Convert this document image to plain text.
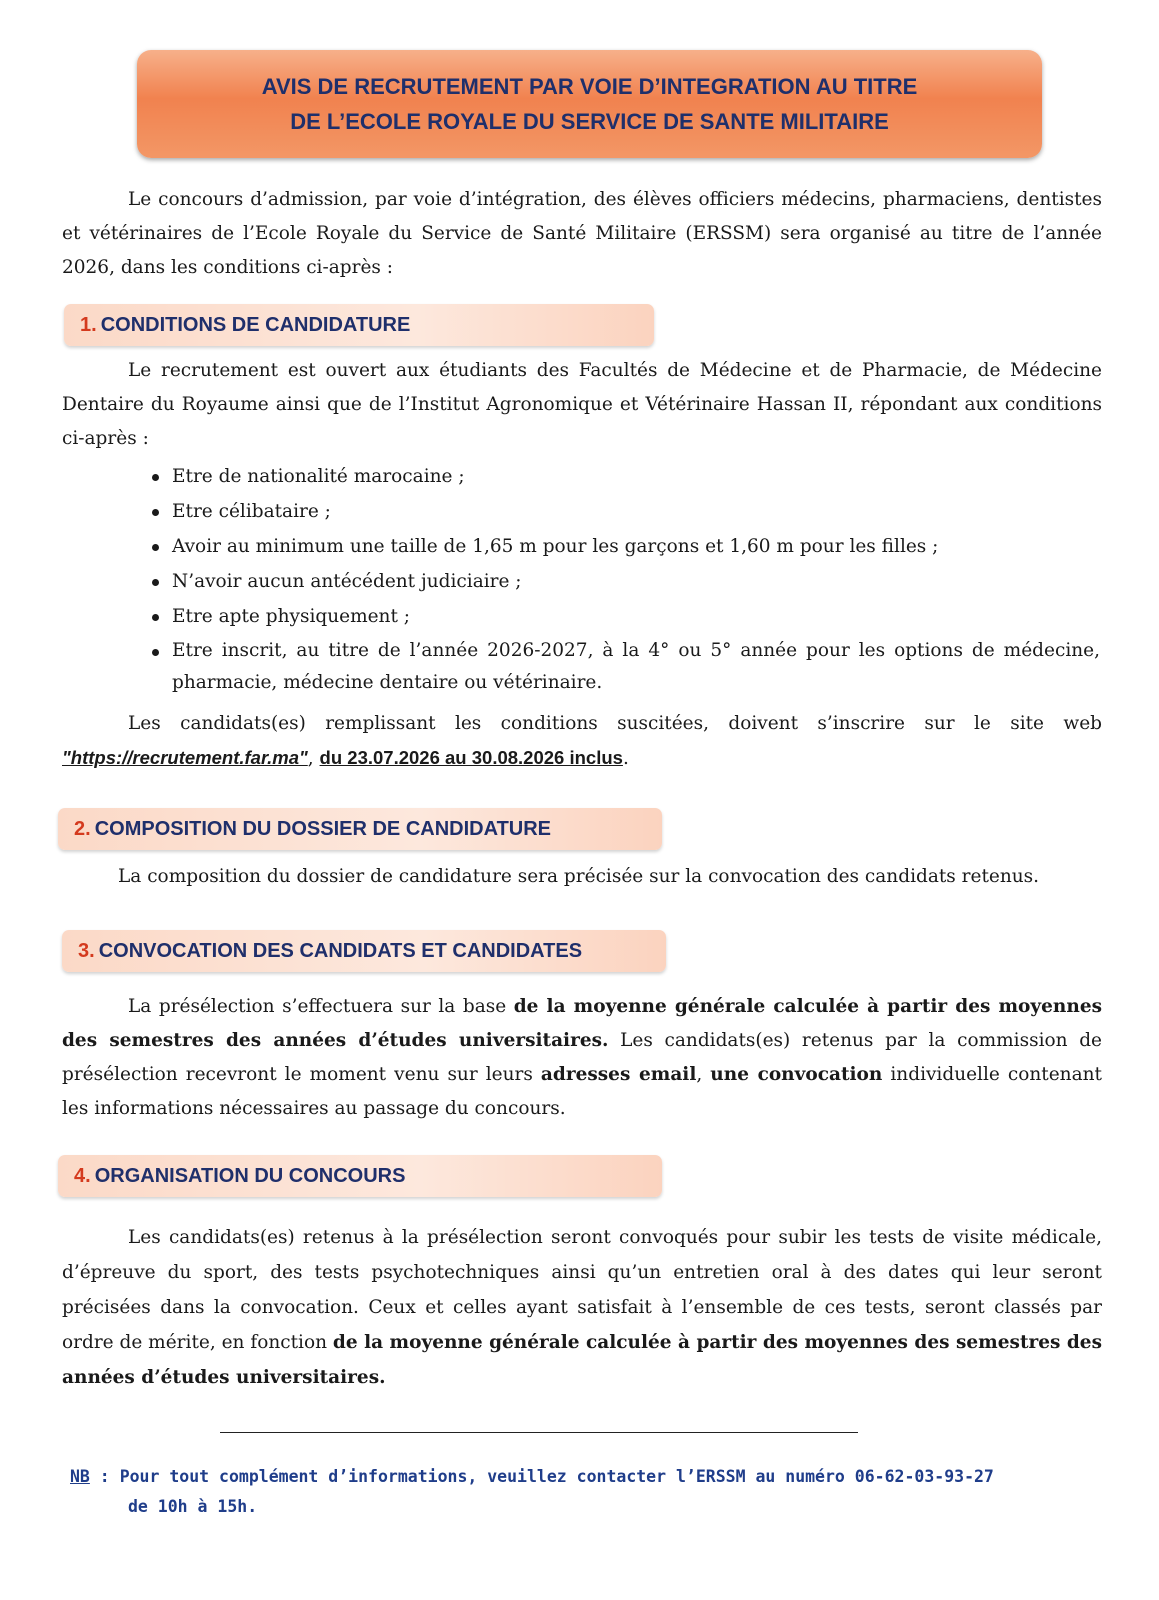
AVIS DE RECRUTEMENT PAR VOIE D’INTEGRATION AU TITRE
DE L’ECOLE ROYALE DU SERVICE DE SANTE MILITAIRE
Le concours d’admission, par voie d’intégration, des élèves officiers médecins, pharmaciens, dentistes et vétérinaires de l’Ecole Royale du Service de Santé Militaire (ERSSM) sera organisé au titre de l’année 2026, dans les conditions ci-après :
1. CONDITIONS DE CANDIDATURE
Le recrutement est ouvert aux étudiants des Facultés de Médecine et de Pharmacie, de Médecine Dentaire du Royaume ainsi que de l’Institut Agronomique et Vétérinaire Hassan II, répondant aux conditions ci-après :
Etre de nationalité marocaine ;
Etre célibataire ;
Avoir au minimum une taille de 1,65 m pour les garçons et 1,60 m pour les filles ;
N’avoir aucun antécédent judiciaire ;
Etre apte physiquement ;
Etre inscrit, au titre de l’année 2026-2027, à la 4° ou 5° année pour les options de médecine, pharmacie, médecine dentaire ou vétérinaire.
Les candidats(es) remplissant les conditions suscitées, doivent s’inscrire sur le site web "https://recrutement.far.ma", du 23.07.2026 au 30.08.2026 inclus.
2. COMPOSITION DU DOSSIER DE CANDIDATURE
La composition du dossier de candidature sera précisée sur la convocation des candidats retenus.
3. CONVOCATION DES CANDIDATS ET CANDIDATES
La présélection s’effectuera sur la base de la moyenne générale calculée à partir des moyennes des semestres des années d’études universitaires. Les candidats(es) retenus par la commission de présélection recevront le moment venu sur leurs adresses email, une convocation individuelle contenant les informations nécessaires au passage du concours.
4. ORGANISATION DU CONCOURS
Les candidats(es) retenus à la présélection seront convoqués pour subir les tests de visite médicale, d’épreuve du sport, des tests psychotechniques ainsi qu’un entretien oral à des dates qui leur seront précisées dans la convocation. Ceux et celles ayant satisfait à l’ensemble de ces tests, seront classés par ordre de mérite, en fonction de la moyenne générale calculée à partir des moyennes des semestres des années d’études universitaires.
NB : Pour tout complément d’informations, veuillez contacter l’ERSSM au numéro 06-62-03-93-27
de 10h à 15h.
